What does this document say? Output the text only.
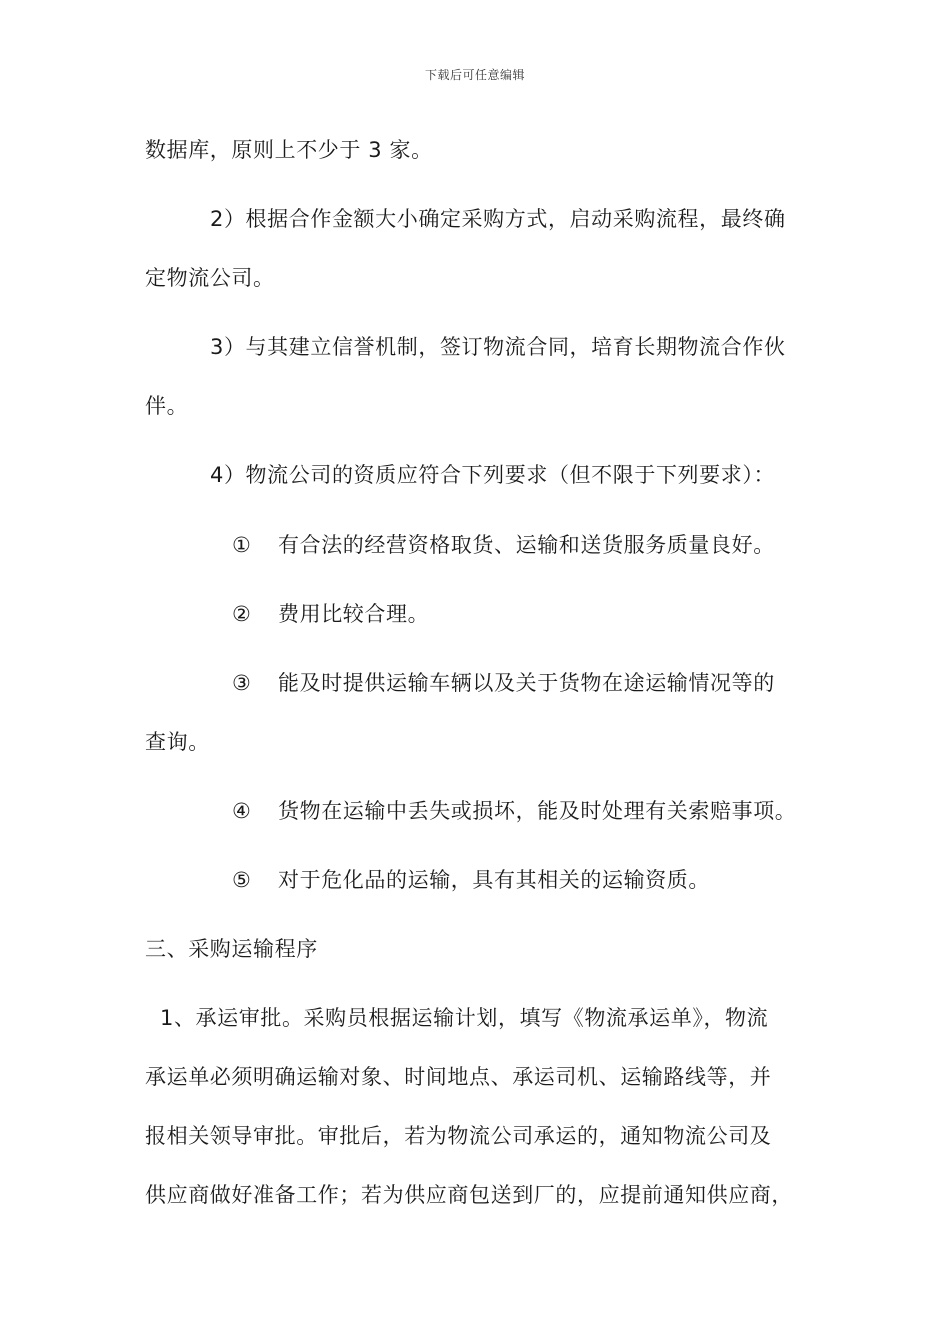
下载后可任意编辑
数据库，原则上不少于 3 家。
2）根据合作金额大小确定采购方式，启动采购流程，最终确
定物流公司。
3）与其建立信誉机制，签订物流合同，培育长期物流合作伙
伴。
4）物流公司的资质应符合下列要求（但不限于下列要求）：
① 有合法的经营资格取货、运输和送货服务质量良好。
② 费用比较合理。
③ 能及时提供运输车辆以及关于货物在途运输情况等的
查询。
④ 货物在运输中丢失或损坏，能及时处理有关索赔事项。
⑤ 对于危化品的运输，具有其相关的运输资质。
三、采购运输程序
1、承运审批。采购员根据运输计划，填写《物流承运单》，物流
承运单必须明确运输对象、时间地点、承运司机、运输路线等，并
报相关领导审批。审批后，若为物流公司承运的，通知物流公司及
供应商做好准备工作；若为供应商包送到厂的，应提前通知供应商，
